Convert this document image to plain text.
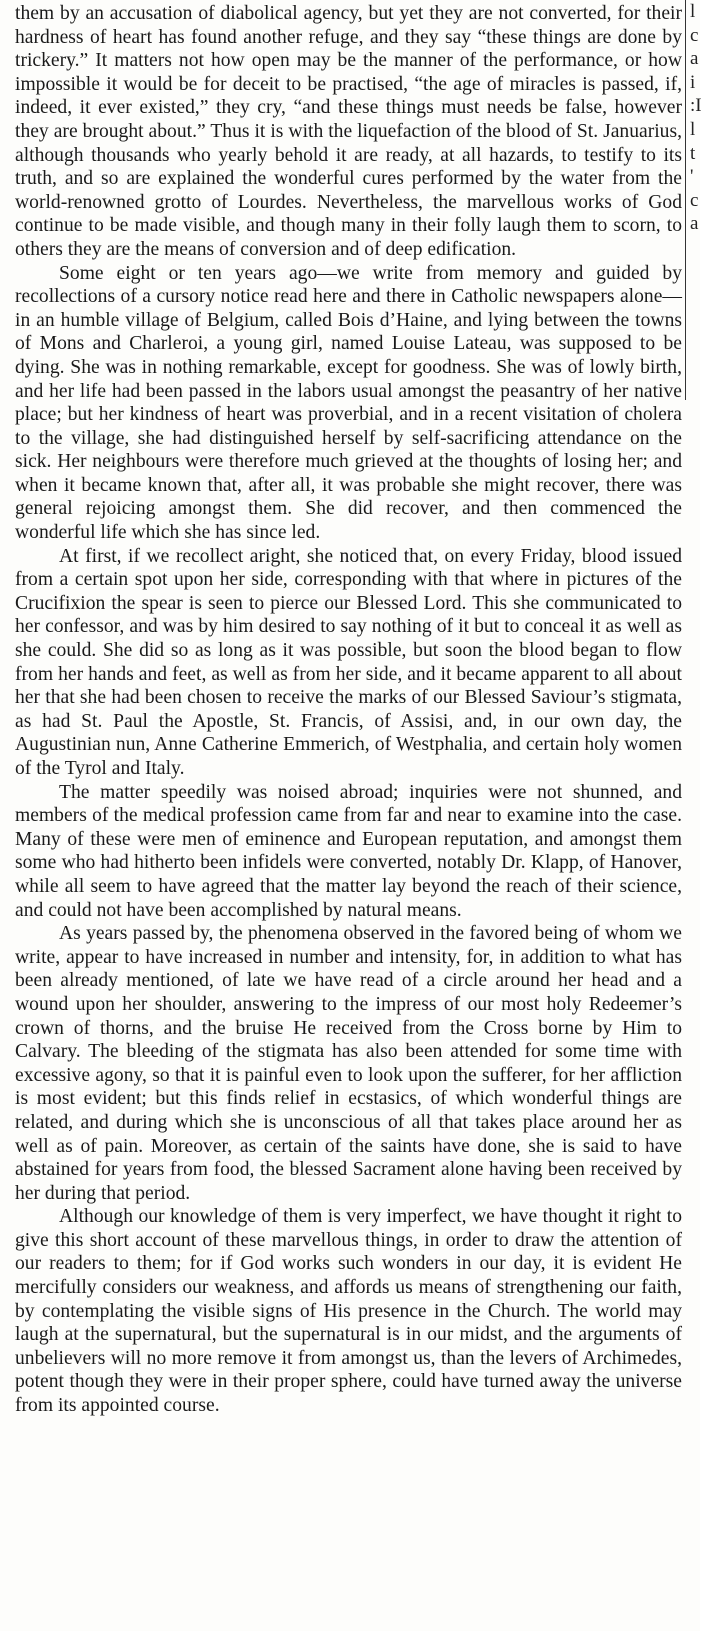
them by an accusation of diabolical agency, but yet they are not converted, for their hardness of heart has found another refuge, and they say “these things are done by trickery.” It matters not how open may be the manner of the performance, or how impossible it would be for deceit to be practised, “the age of miracles is passed, if, indeed, it ever existed,” they cry, “and these things must needs be false, however they are brought about.” Thus it is with the liquefaction of the blood of St. Januarius, although thousands who yearly behold it are ready, at all hazards, to testify to its truth, and so are explained the wonderful cures performed by the water from the world-renowned grotto of Lourdes. Nevertheless, the marvellous works of God continue to be made visible, and though many in their folly laugh them to scorn, to others they are the means of conversion and of deep edification.

Some eight or ten years ago—we write from memory and guided by recollections of a cursory notice read here and there in Catholic newspapers alone—in an humble village of Belgium, called Bois d’Haine, and lying between the towns of Mons and Charleroi, a young girl, named Louise Lateau, was supposed to be dying. She was in nothing remarkable, except for goodness. She was of lowly birth, and her life had been passed in the labors usual amongst the peasantry of her native place; but her kindness of heart was proverbial, and in a recent visitation of cholera to the village, she had distinguished herself by self-sacrificing attendance on the sick. Her neighbours were therefore much grieved at the thoughts of losing her; and when it became known that, after all, it was probable she might recover, there was general rejoicing amongst them. She did recover, and then commenced the wonderful life which she has since led.

At first, if we recollect aright, she noticed that, on every Friday, blood issued from a certain spot upon her side, corresponding with that where in pictures of the Crucifixion the spear is seen to pierce our Blessed Lord. This she communicated to her confessor, and was by him desired to say nothing of it but to conceal it as well as she could. She did so as long as it was possible, but soon the blood began to flow from her hands and feet, as well as from her side, and it became apparent to all about her that she had been chosen to receive the marks of our Blessed Saviour’s stigmata, as had St. Paul the Apostle, St. Francis, of Assisi, and, in our own day, the Augustinian nun, Anne Catherine Emmerich, of Westphalia, and certain holy women of the Tyrol and Italy.

The matter speedily was noised abroad; inquiries were not shunned, and members of the medical profession came from far and near to examine into the case. Many of these were men of eminence and European reputation, and amongst them some who had hitherto been infidels were converted, notably Dr. Klapp, of Hanover, while all seem to have agreed that the matter lay beyond the reach of their science, and could not have been accomplished by natural means.

As years passed by, the phenomena observed in the favored being of whom we write, appear to have increased in number and intensity, for, in addition to what has been already mentioned, of late we have read of a circle around her head and a wound upon her shoulder, answering to the impress of our most holy Redeemer’s crown of thorns, and the bruise He received from the Cross borne by Him to Calvary. The bleeding of the stigmata has also been attended for some time with excessive agony, so that it is painful even to look upon the sufferer, for her affliction is most evident; but this finds relief in ecstasics, of which wonderful things are related, and during which she is unconscious of all that takes place around her as well as of pain. Moreover, as certain of the saints have done, she is said to have abstained for years from food, the blessed Sacrament alone having been received by her during that period.

Although our knowledge of them is very imperfect, we have thought it right to give this short account of these marvellous things, in order to draw the attention of our readers to them; for if God works such wonders in our day, it is evident He mercifully considers our weakness, and affords us means of strengthening our faith, by contemplating the visible signs of His presence in the Church. The world may laugh at the supernatural, but the supernatural is in our midst, and the arguments of unbelievers will no more remove it from amongst us, than the levers of Archimedes, potent though they were in their proper sphere, could have turned away the universe from its appointed course.

l
c
a
i
:I
l
t
'
c
a
